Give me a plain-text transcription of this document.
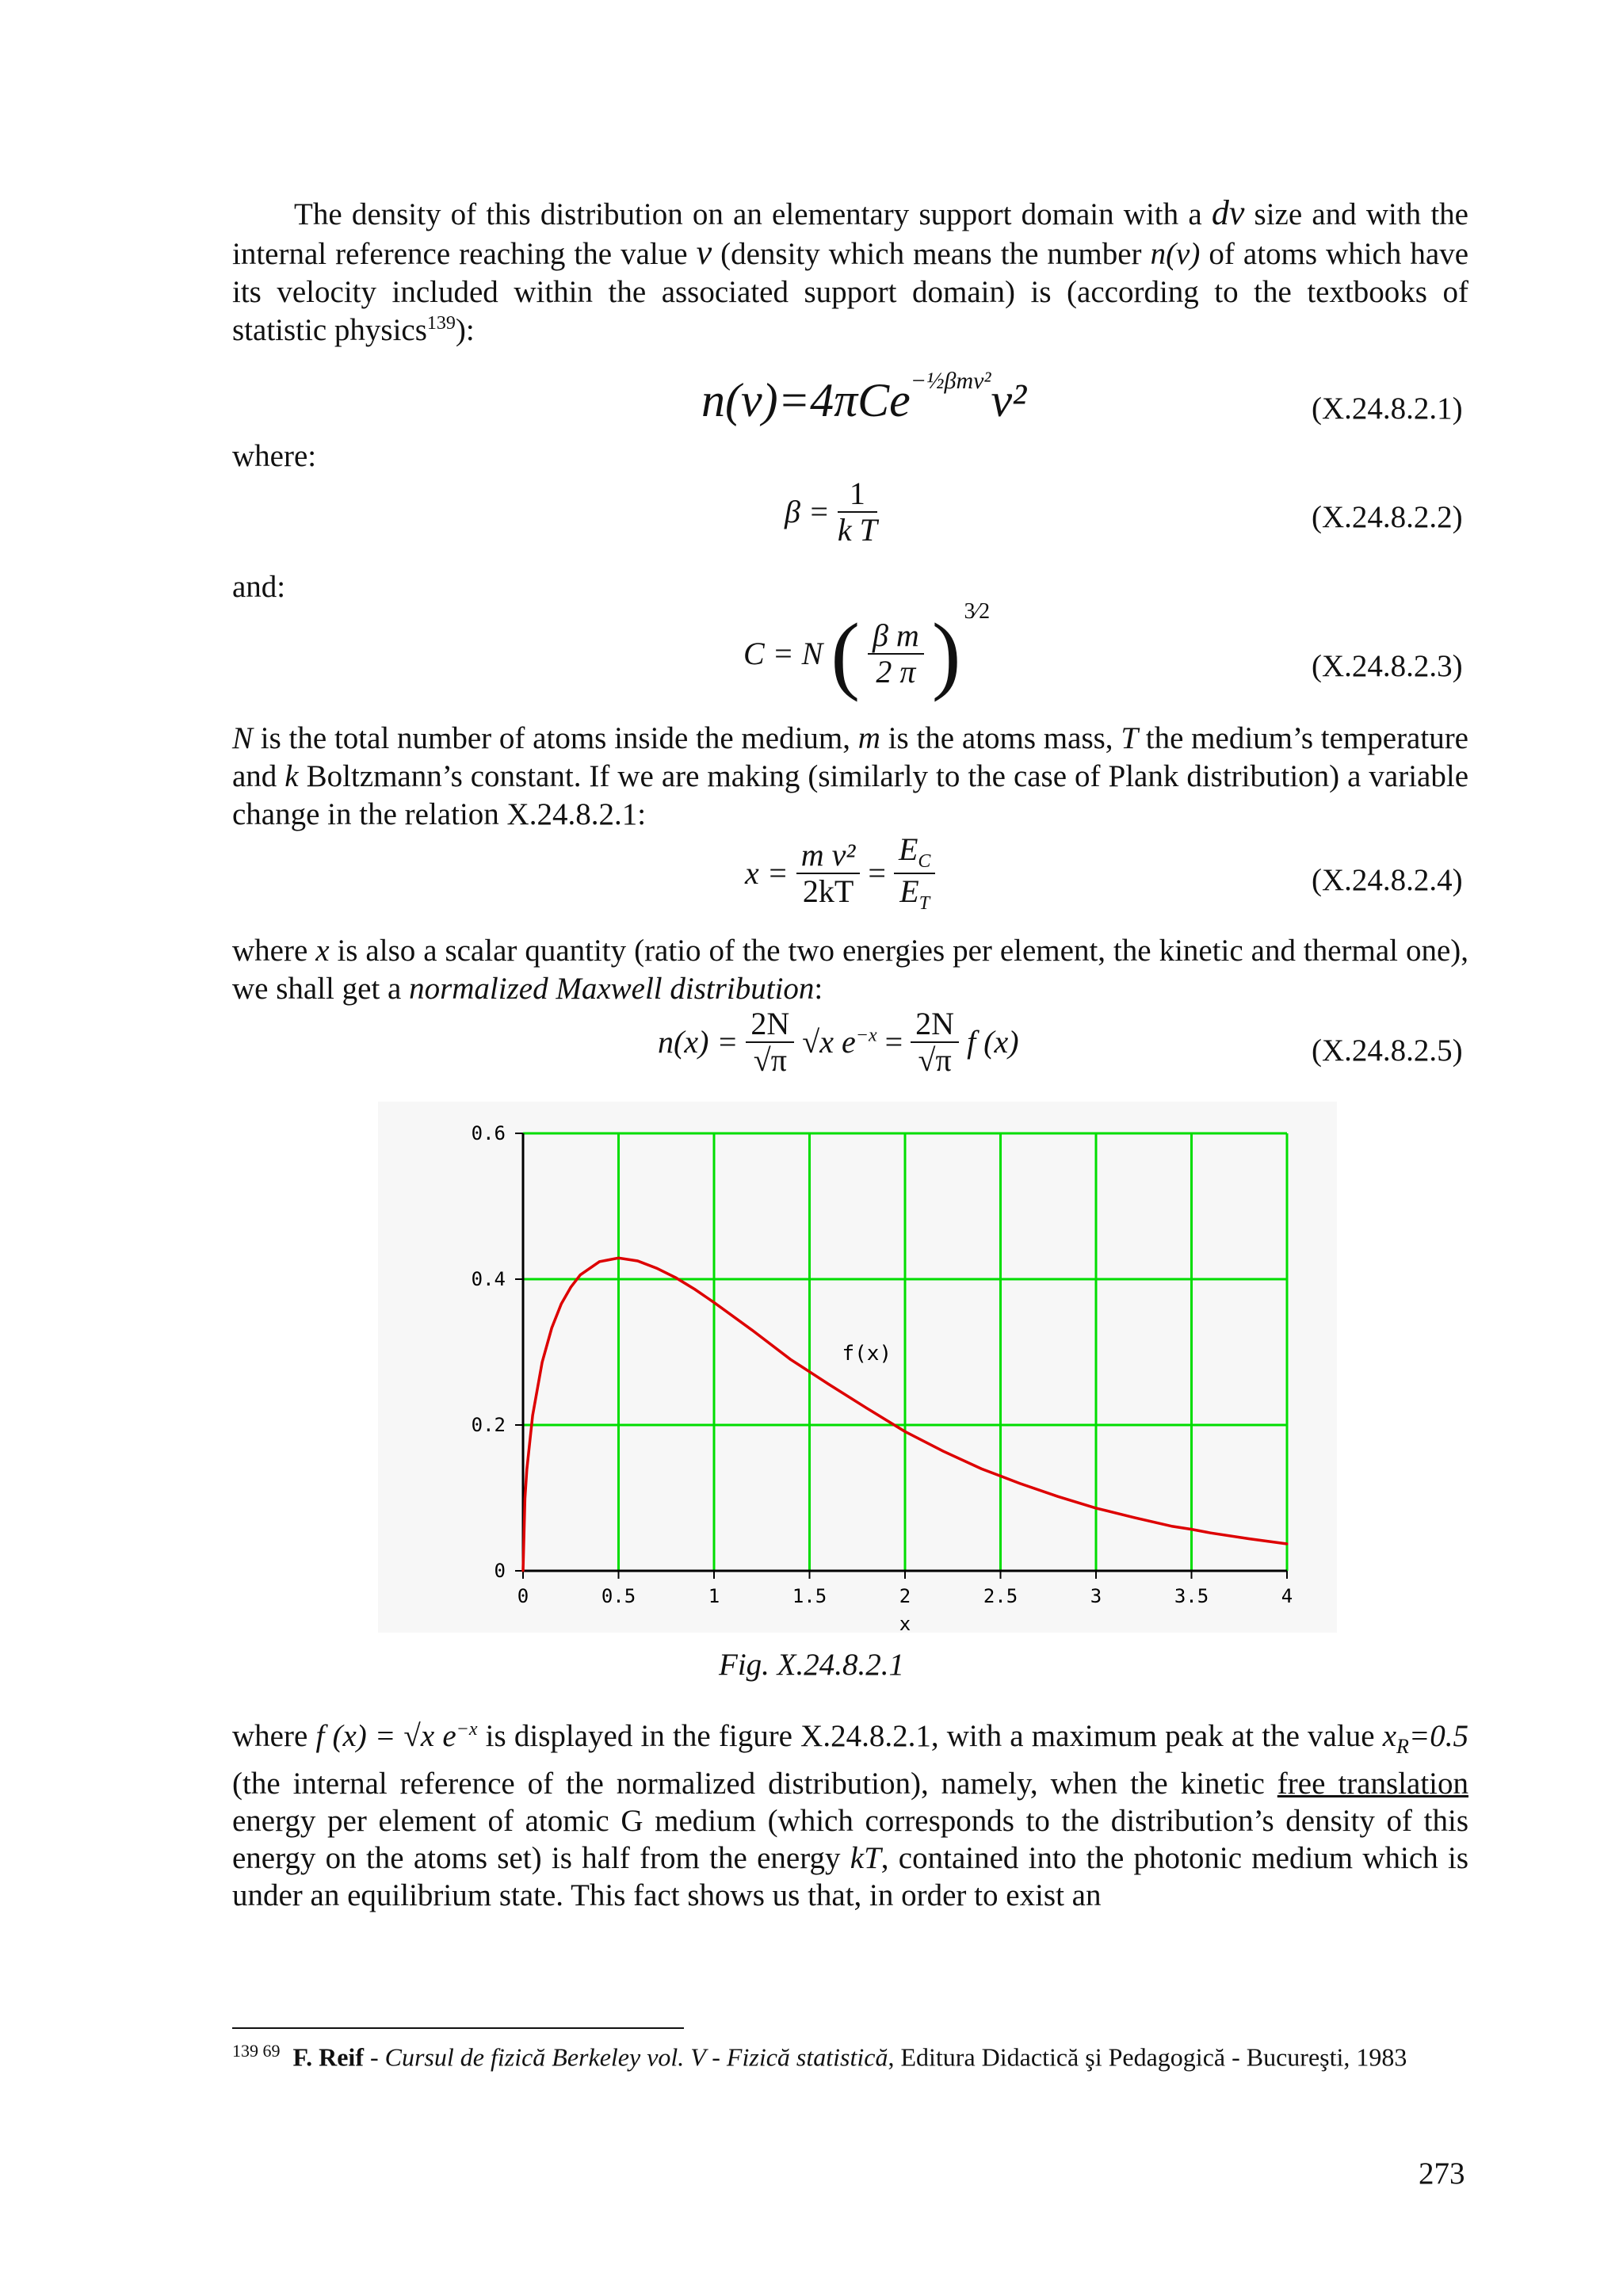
  The density of this distribution on an elementary support domain with a dv size and with the internal reference reaching the value v (density which means the number n(v) of atoms which have its velocity included within the associated support domain) is (according to the textbooks of statistic physics$^{139}$):
n(v)=4πCe$^{-\frac{1}{2}\beta mv^2}$v²	(X.24.8.2.1)
where:
$\beta = \frac{1}{\text{k T}}$	(X.24.8.2.2)
and:
C = N ( $\frac{\text{β m}}{2 \pi}$ ) $^{3⁄2}$
(X.24.8.2.3)
N is the total number of atoms inside the medium, m is the atoms mass, T the medium’s temperature and k Boltzmann’s constant. If we are making (similarly to the case of Plank distribution) a variable change in the relation X.24.8.2.1:
$x = \frac{\text{m v²}}{2kT} = \frac{E_C}{E_T}$	(X.24.8.2.4)
where x is also a scalar quantity (ratio of the two energies per element, the kinetic and thermal one), we shall get a normalized Maxwell distribution:
$n(x) = \frac{2N}{√\pi} √x$ $e^{-x} = \frac{2N}{√\pi}$ f (x)	(X.24.8.2.5)
0	0.5	1	1.5	2	2.5	3	3.5	4
0
0.2
0.4
0.6
x
f(x)
Fig. X.24.8.2.1
where f (x) = √x $e^{-x}$ is displayed in the figure X.24.8.2.1, with a maximum peak at the value $x_R=0.5$ (the internal reference of the normalized distribution), namely, when the kinetic free translation energy per element of atomic G medium (which corresponds to the distribution’s density of this energy on the atoms set) is half from the energy kT, contained into the photonic medium which is under an equilibrium state. This fact shows us that, in order to exist an
$^{139 69}$ F. Reif - Cursul de fizică Berkeley vol. V - Fizică statistică, Editura Didactică şi Pedagogică - Bucureşti, 1983
273
